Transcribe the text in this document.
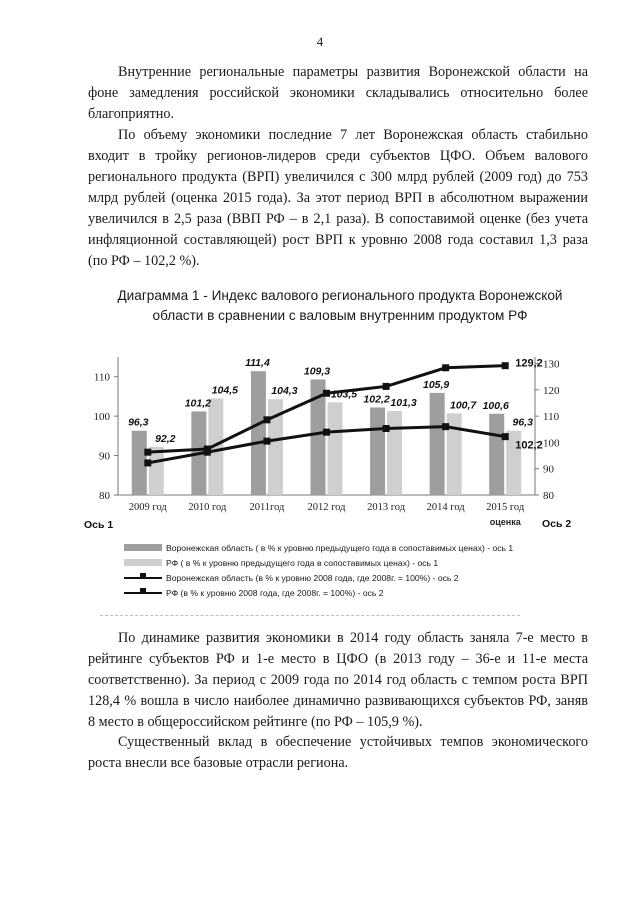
4

Внутренние региональные параметры развития Воронежской области на фоне замедления российской экономики складывались относительно более благоприятно.

По объему экономики последние 7 лет Воронежская область стабильно входит в тройку регионов-лидеров среди субъектов ЦФО. Объем валового регионального продукта (ВРП) увеличился с 300 млрд рублей (2009 год) до 753 млрд рублей (оценка 2015 года). За этот период ВРП в абсолютном выражении увеличился в 2,5 раза (ВВП РФ – в 2,1 раза). В сопоставимой оценке (без учета инфляционной составляющей) рост ВРП к уровню 2008 года составил 1,3 раза (по РФ – 102,2 %).

Диаграмма 1 - Индекс валового регионального продукта Воронежской
области в сравнении с валовым внутренним продуктом РФ
80
90
100
110
80
90
100
110
120
130
96,3
92,2
101,2
104,5
111,4
104,3
109,3
103,5 102,2 101,3
105,9
100,7 100,6
96,3
129,2
102,2
2009 год 2010 год 2011год 2012 год 2013 год 2014 год 2015 год
оценка
Ось 1	Ось 2
Воронежская область ( в % к уровню предыдущего года в сопоставимых ценах) - ось 1
РФ ( в % к уровню предыдущего года в сопоставимых ценах) - ось 1
Воронежская область (в % к уровню 2008 года, где 2008г. = 100%) - ось 2
РФ (в % к уровню 2008 года, где 2008г. = 100%) - ось 2

По динамике развития экономики в 2014 году область заняла 7-е место в рейтинге субъектов РФ и 1-е место в ЦФО (в 2013 году – 36-е и 11-е места соответственно). За период с 2009 года по 2014 год область с темпом роста ВРП 128,4 % вошла в число наиболее динамично развивающихся субъектов РФ, заняв 8 место в общероссийском рейтинге (по РФ – 105,9 %).

Существенный вклад в обеспечение устойчивых темпов экономического роста внесли все базовые отрасли региона.
